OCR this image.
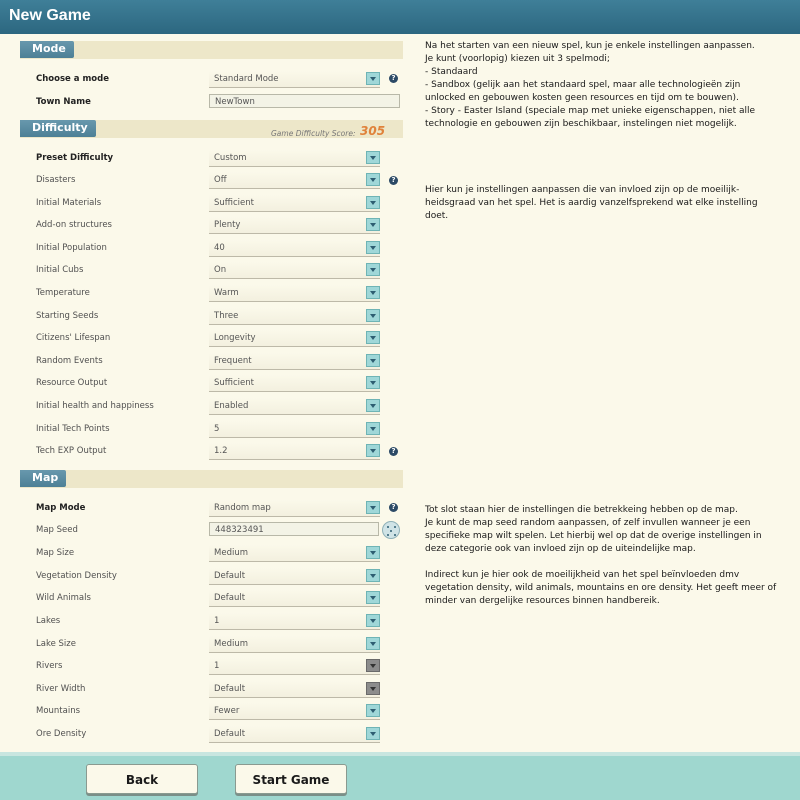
New Game
Mode
Difficulty	Game Difficulty Score: 305
Map
Choose a mode	Standard Mode	?
Town Name	NewTown
Preset Difficulty	Custom
Disasters	Off	?
Initial Materials	Sufficient
Add-on structures	Plenty
Initial Population	40
Initial Cubs	On
Temperature	Warm
Starting Seeds	Three
Citizens' Lifespan	Longevity
Random Events	Frequent
Resource Output	Sufficient
Initial health and happiness	Enabled
Initial Tech Points	5
Tech EXP Output	1.2	?
Map Mode	Random map	?
Map Seed	448323491
Map Size	Medium
Vegetation Density	Default
Wild Animals	Default
Lakes	1
Lake Size	Medium
Rivers	1
River Width	Default
Mountains	Fewer
Ore Density	Default
Na het starten van een nieuw spel, kun je enkele instellingen aanpassen.
Je kunt (voorlopig) kiezen uit 3 spelmodi;
- Standaard
- Sandbox (gelijk aan het standaard spel, maar alle technologieën zijn unlocked en gebouwen kosten geen resources en tijd om te bouwen).
- Story - Easter Island (speciale map met unieke eigenschappen, niet alle technologie en gebouwen zijn beschikbaar, instelingen niet mogelijk.
Hier kun je instellingen aanpassen die van invloed zijn op de moeilijk-heidsgraad van het spel. Het is aardig vanzelfsprekend wat elke instelling doet.
Tot slot staan hier de instellingen die betrekkeing hebben op de map.
Je kunt de map seed random aanpassen, of zelf invullen wanneer je een specifieke map wilt spelen. Let hierbij wel op dat de overige instellingen in deze categorie ook van invloed zijn op de uiteindelijke map.

Indirect kun je hier ook de moeilijkheid van het spel beïnvloeden dmv vegetation density, wild animals, mountains en ore density. Het geeft meer of minder van dergelijke resources binnen handbereik.
Back	Start Game
